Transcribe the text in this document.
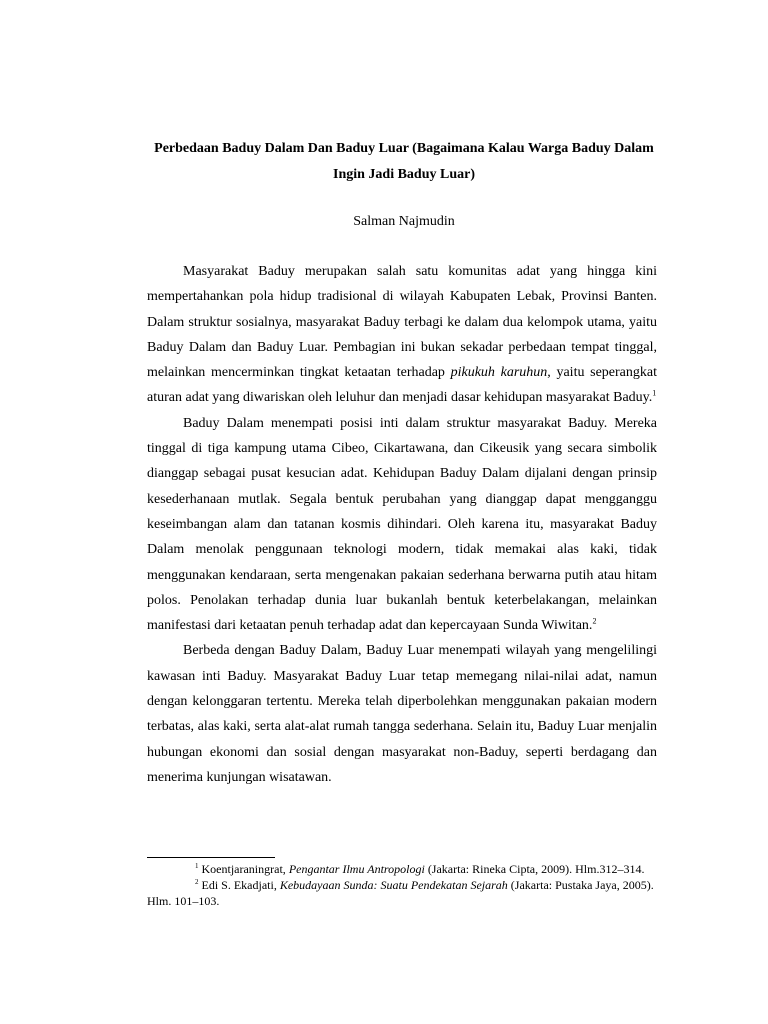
Perbedaan Baduy Dalam Dan Baduy Luar (Bagaimana Kalau Warga Baduy Dalam Ingin Jadi Baduy Luar)
Salman Najmudin

Masyarakat Baduy merupakan salah satu komunitas adat yang hingga kini mempertahankan pola hidup tradisional di wilayah Kabupaten Lebak, Provinsi Banten. Dalam struktur sosialnya, masyarakat Baduy terbagi ke dalam dua kelompok utama, yaitu Baduy Dalam dan Baduy Luar. Pembagian ini bukan sekadar perbedaan tempat tinggal, melainkan mencerminkan tingkat ketaatan terhadap pikukuh karuhun, yaitu seperangkat aturan adat yang diwariskan oleh leluhur dan menjadi dasar kehidupan masyarakat Baduy.$^1$

Baduy Dalam menempati posisi inti dalam struktur masyarakat Baduy. Mereka tinggal di tiga kampung utama Cibeo, Cikartawana, dan Cikeusik yang secara simbolik dianggap sebagai pusat kesucian adat. Kehidupan Baduy Dalam dijalani dengan prinsip kesederhanaan mutlak. Segala bentuk perubahan yang dianggap dapat mengganggu keseimbangan alam dan tatanan kosmis dihindari. Oleh karena itu, masyarakat Baduy Dalam menolak penggunaan teknologi modern, tidak memakai alas kaki, tidak menggunakan kendaraan, serta mengenakan pakaian sederhana berwarna putih atau hitam polos. Penolakan terhadap dunia luar bukanlah bentuk keterbelakangan, melainkan manifestasi dari ketaatan penuh terhadap adat dan kepercayaan Sunda Wiwitan.$^2$

Berbeda dengan Baduy Dalam, Baduy Luar menempati wilayah yang mengelilingi kawasan inti Baduy. Masyarakat Baduy Luar tetap memegang nilai-nilai adat, namun dengan kelonggaran tertentu. Mereka telah diperbolehkan menggunakan pakaian modern terbatas, alas kaki, serta alat-alat rumah tangga sederhana. Selain itu, Baduy Luar menjalin hubungan ekonomi dan sosial dengan masyarakat non-Baduy, seperti berdagang dan menerima kunjungan wisatawan.

$^1$ Koentjaraningrat, Pengantar Ilmu Antropologi (Jakarta: Rineka Cipta, 2009). Hlm.312–314.
$^2$ Edi S. Ekadjati, Kebudayaan Sunda: Suatu Pendekatan Sejarah (Jakarta: Pustaka Jaya, 2005). Hlm. 101–103.
